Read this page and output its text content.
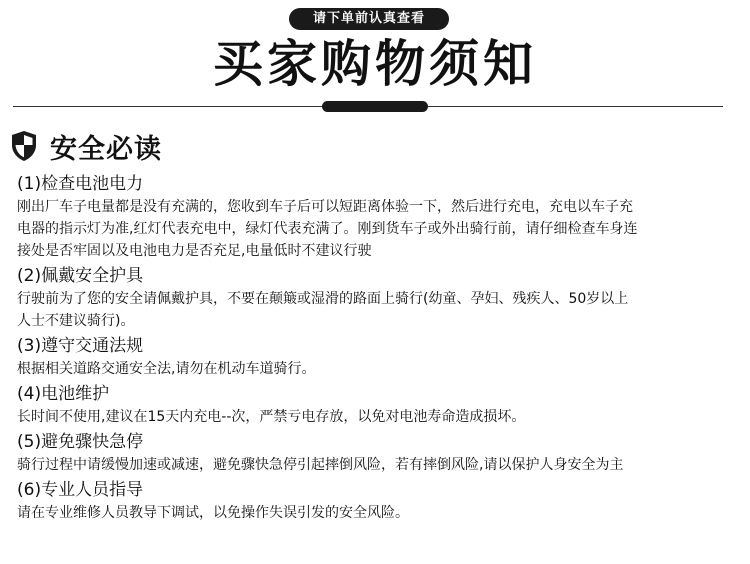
请下单前认真查看
买家购物须知
安全必读

(1)检查电池电力

刚出厂车子电量都是没有充满的，您收到车子后可以短距离体验一下，然后进行充电，充电以车子充
电器的指示灯为准,红灯代表充电中，绿灯代表充满了。刚到货车子或外出骑行前，请仔细检查车身连
接处是否牢固以及电池电力是否充足,电量低时不建议行驶

(2)佩戴安全护具

行驶前为了您的安全请佩戴护具，不要在颠簸或湿滑的路面上骑行(幼童、孕妇、残疾人、50岁以上
人士不建议骑行)。

(3)遵守交通法规

根据相关道路交通安全法,请勿在机动车道骑行。

(4)电池维护

长时间不使用,建议在15天内充电--次，严禁亏电存放，以免对电池寿命造成损坏。

(5)避免骤快急停

骑行过程中请缓慢加速或减速，避免骤快急停引起摔倒风险，若有摔倒风险,请以保护人身安全为主

(6)专业人员指导

请在专业维修人员教导下调试，以免操作失误引发的安全风险。
